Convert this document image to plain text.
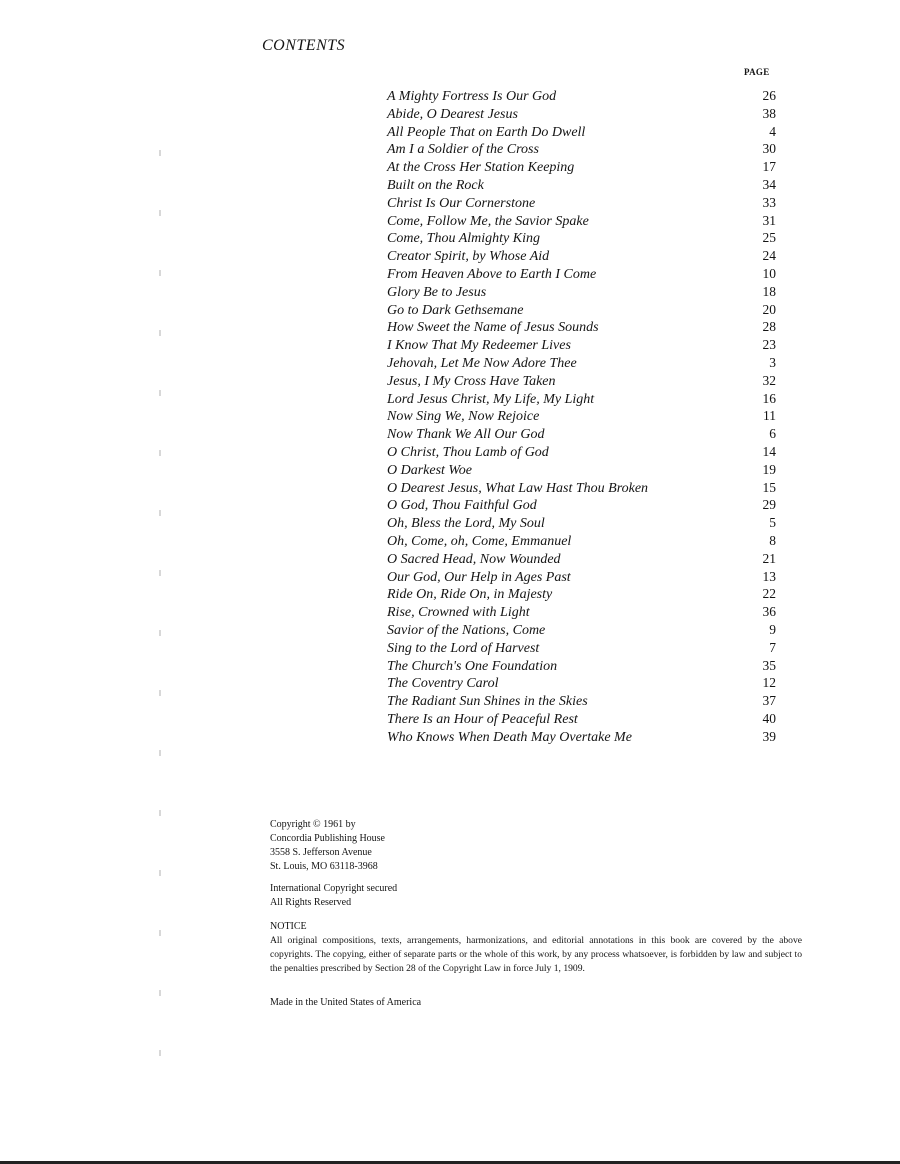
CONTENTS
PAGE
A Mighty Fortress Is Our God	26
Abide, O Dearest Jesus	38
All People That on Earth Do Dwell	4
Am I a Soldier of the Cross	30
At the Cross Her Station Keeping	17
Built on the Rock	34
Christ Is Our Cornerstone	33
Come, Follow Me, the Savior Spake	31
Come, Thou Almighty King	25
Creator Spirit, by Whose Aid	24
From Heaven Above to Earth I Come	10
Glory Be to Jesus	18
Go to Dark Gethsemane	20
How Sweet the Name of Jesus Sounds	28
I Know That My Redeemer Lives	23
Jehovah, Let Me Now Adore Thee	3
Jesus, I My Cross Have Taken	32
Lord Jesus Christ, My Life, My Light	16
Now Sing We, Now Rejoice	11
Now Thank We All Our God	6
O Christ, Thou Lamb of God	14
O Darkest Woe	19
O Dearest Jesus, What Law Hast Thou Broken	15
O God, Thou Faithful God	29
Oh, Bless the Lord, My Soul	5
Oh, Come, oh, Come, Emmanuel	8
O Sacred Head, Now Wounded	21
Our God, Our Help in Ages Past	13
Ride On, Ride On, in Majesty	22
Rise, Crowned with Light	36
Savior of the Nations, Come	9
Sing to the Lord of Harvest	7
The Church's One Foundation	35
The Coventry Carol	12
The Radiant Sun Shines in the Skies	37
There Is an Hour of Peaceful Rest	40
Who Knows When Death May Overtake Me	39
Copyright © 1961 by
Concordia Publishing House
3558 S. Jefferson Avenue
St. Louis, MO 63118-3968
International Copyright secured
All Rights Reserved
NOTICE

All original compositions, texts, arrangements, harmonizations, and editorial annotations in this book are covered by the above copyrights. The copying, either of separate parts or the whole of this work, by any process whatsoever, is forbidden by law and subject to the penalties prescribed by Section 28 of the Copyright Law in force July 1, 1909.

Made in the United States of America
